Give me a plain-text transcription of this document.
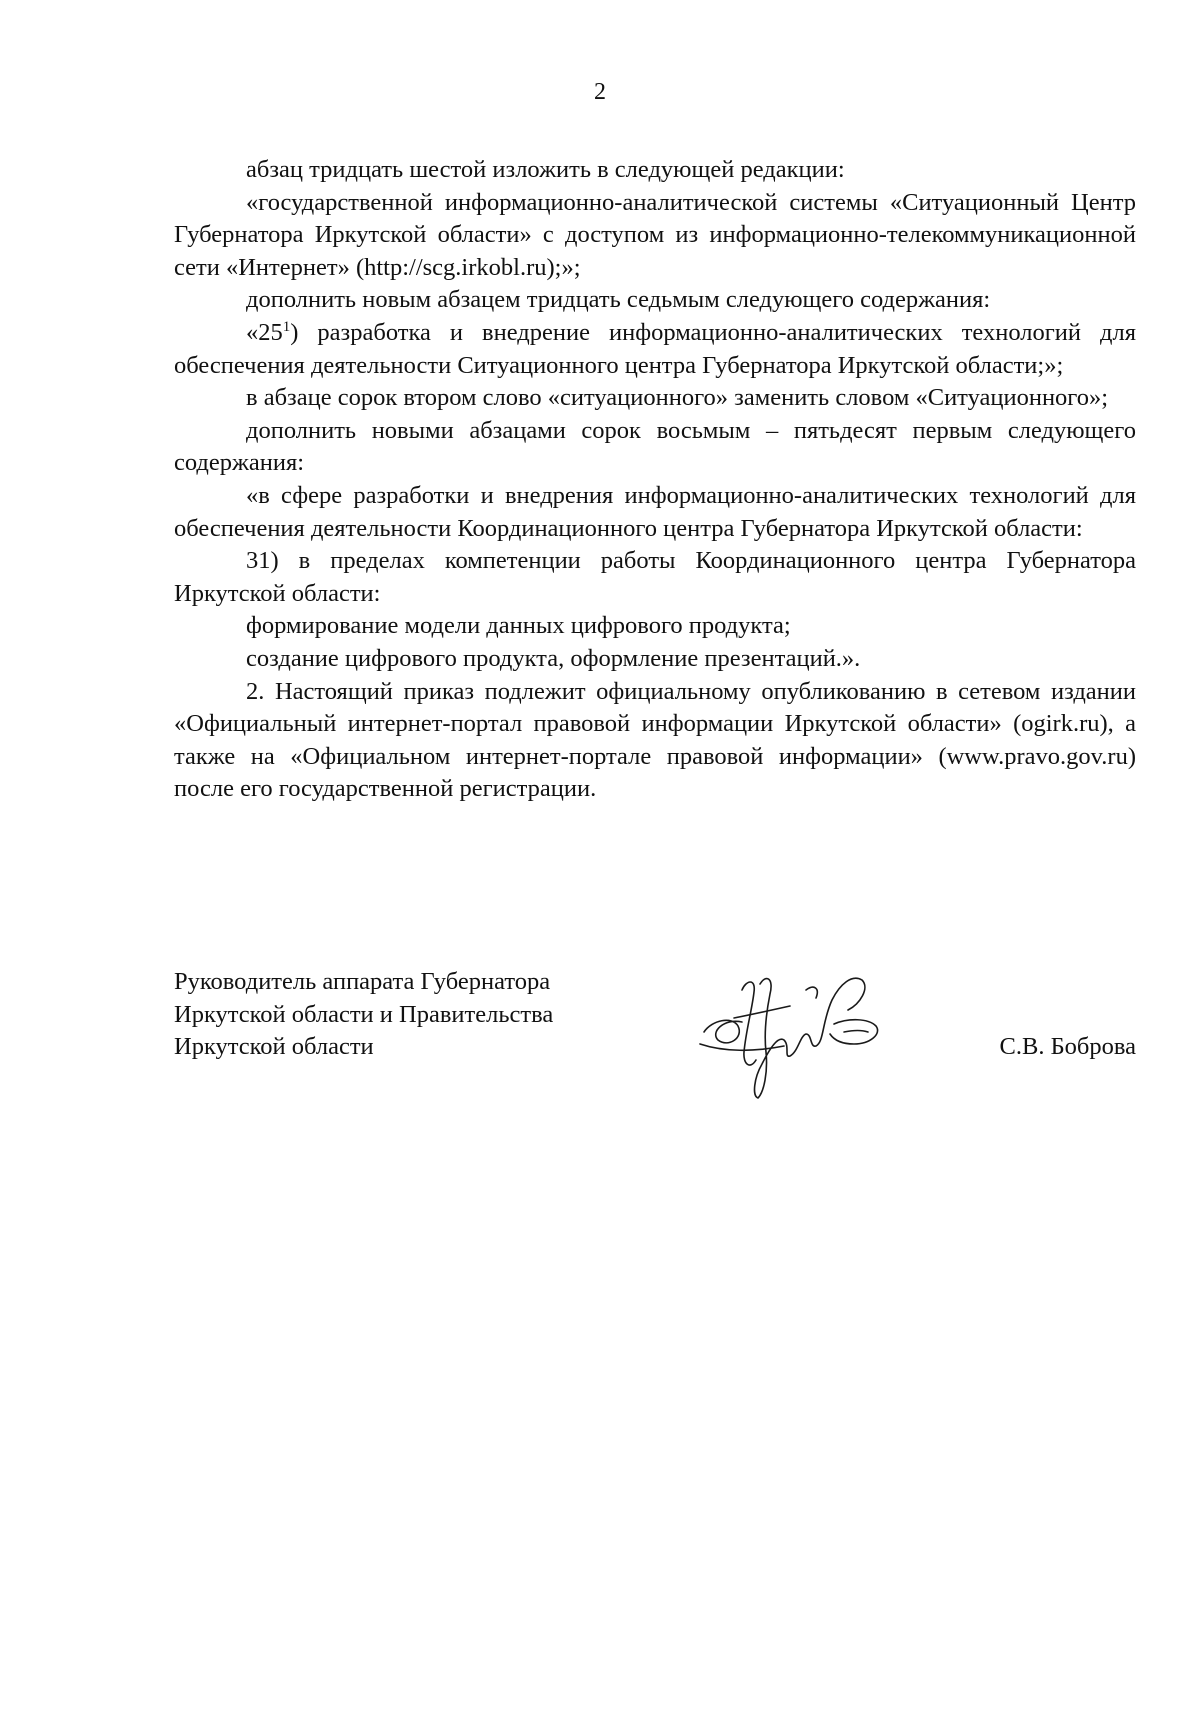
2

абзац тридцать шестой изложить в следующей редакции:

«государственной информационно-аналитической системы «Ситуационный Центр Губернатора Иркутской области» с доступом из информационно-телекоммуникационной сети «Интернет» (http://scg.irkobl.ru);»;

дополнить новым абзацем тридцать седьмым следующего содержания:

«$25^1$) разработка и внедрение информационно-аналитических технологий для обеспечения деятельности Ситуационного центра Губернатора Иркутской области;»;

в абзаце сорок втором слово «ситуационного» заменить словом «Ситуационного»;

дополнить новыми абзацами сорок восьмым – пятьдесят первым следующего содержания:

«в сфере разработки и внедрения информационно-аналитических технологий для обеспечения деятельности Координационного центра Губернатора Иркутской области:

31) в пределах компетенции работы Координационного центра Губернатора Иркутской области:

формирование модели данных цифрового продукта;

создание цифрового продукта, оформление презентаций.».

2. Настоящий приказ подлежит официальному опубликованию в сетевом издании «Официальный интернет-портал правовой информации Иркутской области» (ogirk.ru), а также на «Официальном интернет-портале правовой информации» (www.pravo.gov.ru) после его государственной регистрации.

Руководитель аппарата Губернатора
Иркутской области и Правительства
Иркутской области	С.В. Боброва
